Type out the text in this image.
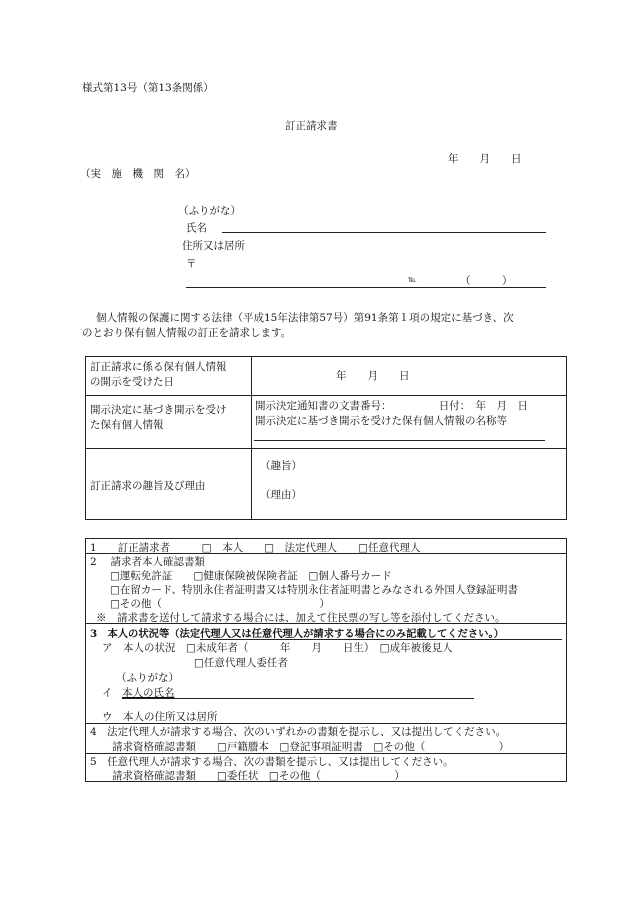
様式第13号（第13条関係）
訂正請求書
年　　月　　日
（実　施　機　関　名）
（ふりがな）
氏名
住所又は居所
〒
℡	（　　　）
個人情報の保護に関する法律（平成15年法律第57号）第91条第１項の規定に基づき、次
のとおり保有個人情報の訂正を請求します。
訂正請求に係る保有個人情報
の開示を受けた日	年　　月　　日
開示決定に基づき開示を受け
た保有個人情報
開示決定通知書の文書番号：　　　　　日付：　年　月　日
開示決定に基づき開示を受けた保有個人情報の名称等
訂正請求の趣旨及び理由
（趣旨）
（理由）
1　　訂正請求者　　　□　本人　　□　法定代理人　　□任意代理人
2　 請求者本人確認書類
□運転免許証　　□健康保険被保険者証　□個人番号カード
□在留カード、特別永住者証明書又は特別永住者証明書とみなされる外国人登録証明書
□その他（　　　　　　　　　　　　　　　）
※　請求書を送付して請求する場合には、加えて住民票の写し等を添付してください。
3　本人の状況等（法定代理人又は任意代理人が請求する場合にのみ記載してください。）
ア　本人の状況　□未成年者（　　　年　　月　　日生）　□成年被後見人
□任意代理人委任者
（ふりがな）
イ 本人の氏名
ウ　本人の住所又は居所
4　法定代理人が請求する場合、次のいずれかの書類を提示し、又は提出してください。
請求資格確認書類　　□戸籍謄本　□登記事項証明書　□その他（　　　　　　　）
5　任意代理人が請求する場合、次の書類を提示し、又は提出してください。
請求資格確認書類　　□委任状　□その他（　　　　　　　）
